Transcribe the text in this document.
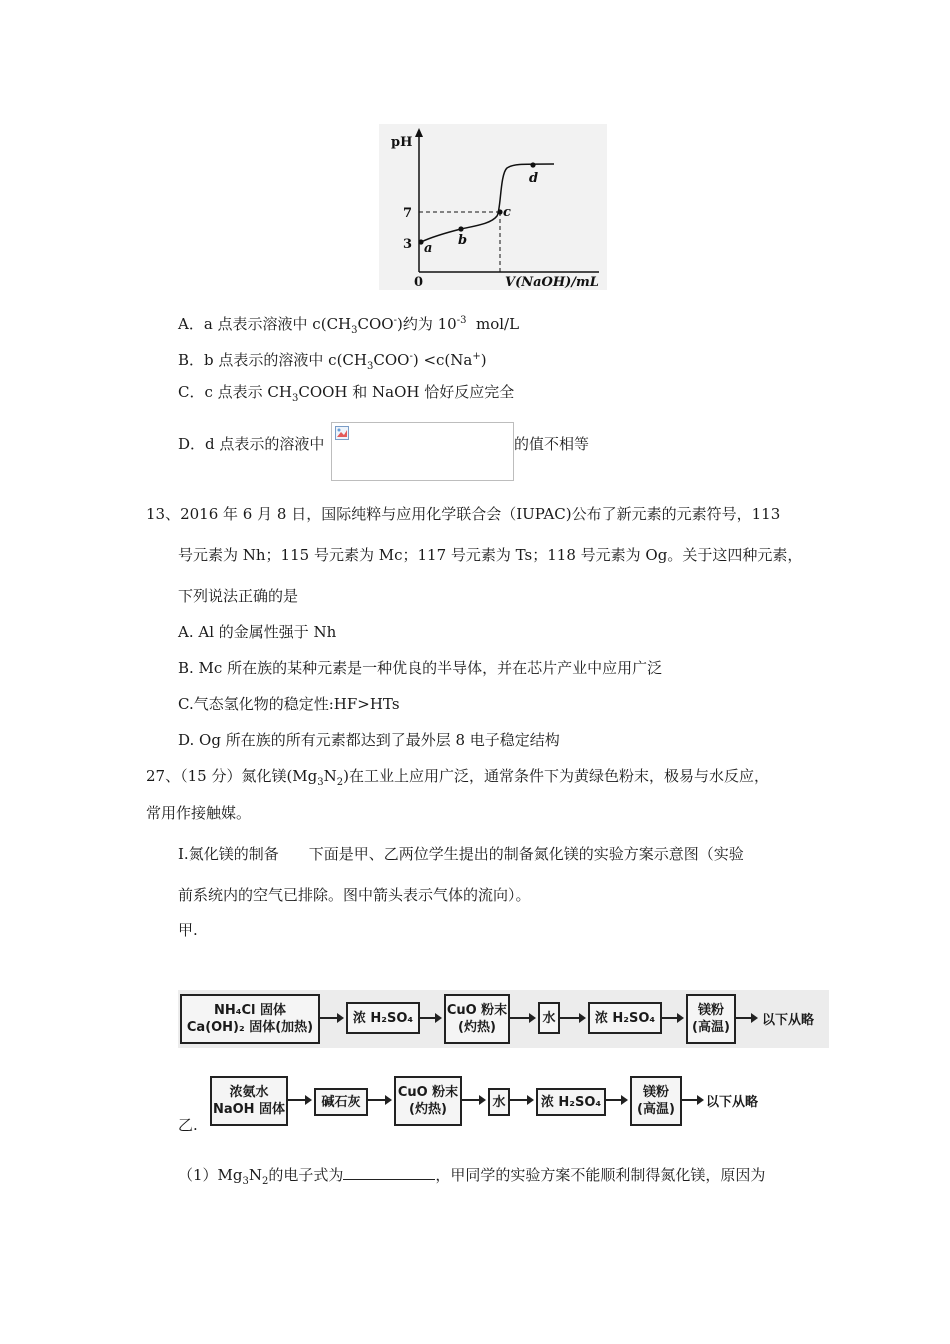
pH
7
3
0	V(NaOH)/mL
a
b
c
d
A．a 点表示溶液中 $c(CH_3COO^-)$约为 $10^{-3}$  mol/L
B．b 点表示的溶液中 $c(CH_3COO^-) <c(Na^+)$
C．c 点表示 $CH_3COOH$ 和 NaOH 恰好反应完全
D．d 点表示的溶液中	的值不相等
13、2016 年 6 月 8 日，国际纯粹与应用化学联合会（IUPAC)公布了新元素的元素符号，113
号元素为 Nh；115 号元素为 Mc；117 号元素为 Ts；118 号元素为 Og。关于这四种元素，
下列说法正确的是
A. Al 的金属性强于 Nh
B. Mc 所在族的某种元素是一种优良的半导体，并在芯片产业中应用广泛
C.气态氢化物的稳定性:HF>HTs
D. Og 所在族的所有元素都达到了最外层 8 电子稳定结构
27、（15 分）氮化镁$(Mg_3N_2)$在工业上应用广泛，通常条件下为黄绿色粉末，极易与水反应，
常用作接触媒。
I.氮化镁的制备　　下面是甲、乙两位学生提出的制备氮化镁的实验方案示意图（实验
前系统内的空气已排除。图中箭头表示气体的流向）。
甲.
NH₄Cl 固体
Ca(OH)₂ 固体(加热)
浓 H₂SO₄	CuO 粉末
(灼热)
水	浓 H₂SO₄	镁粉
(高温)	以下从略
乙.
浓氨水
NaOH 固体	碱石灰
CuO 粉末
(灼热)	水	浓 H₂SO₄
镁粉
(高温)	以下从略
$(1)Mg_3N_2$的电子式为	，甲同学的实验方案不能顺利制得氮化镁，原因为
